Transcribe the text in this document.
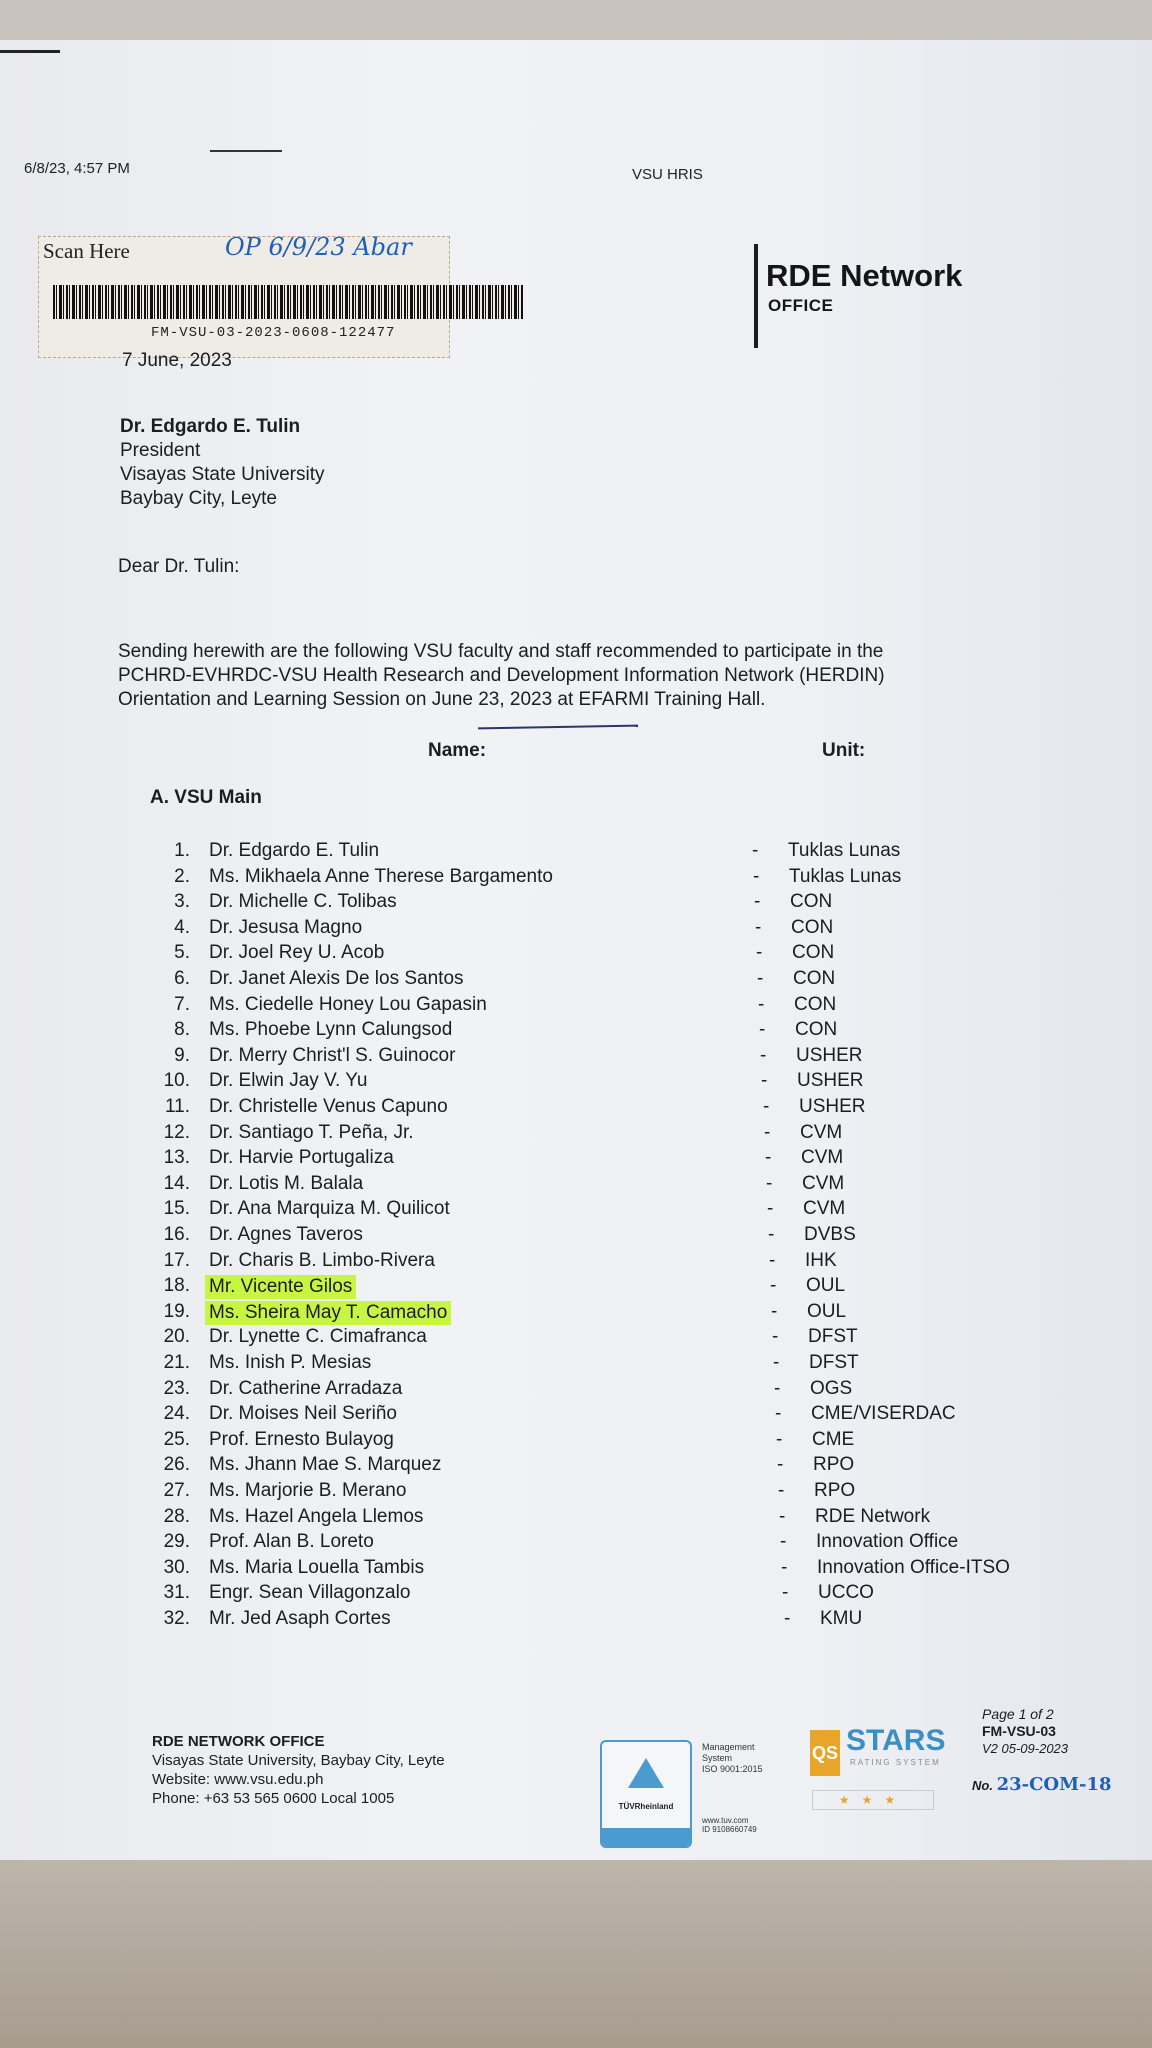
6/8/23, 4:57 PM	VSU HRIS
Scan Here	OP 6/9/23 Abar
FM-VSU-03-2023-0608-122477
RDE Network
OFFICE
7 June, 2023
Dr. Edgardo E. Tulin
President
Visayas State University
Baybay City, Leyte
Dear Dr. Tulin:
Sending herewith are the following VSU faculty and staff recommended to participate in the
PCHRD-EVHRDC-VSU Health Research and Development Information Network (HERDIN)
Orientation and Learning Session on June 23, 2023 at EFARMI Training Hall.
Name:	Unit:
A. VSU Main
1. Dr. Edgardo E. Tulin	- Tuklas Lunas
2. Ms. Mikhaela Anne Therese Bargamento	- Tuklas Lunas
3. Dr. Michelle C. Tolibas	- CON
4. Dr. Jesusa Magno	- CON
5. Dr. Joel Rey U. Acob	- CON
6. Dr. Janet Alexis De los Santos	- CON
7. Ms. Ciedelle Honey Lou Gapasin	- CON
8. Ms. Phoebe Lynn Calungsod	- CON
9. Dr. Merry Christ'l S. Guinocor	- USHER
10. Dr. Elwin Jay V. Yu	- USHER
11. Dr. Christelle Venus Capuno	- USHER
12. Dr. Santiago T. Peña, Jr.	- CVM
13. Dr. Harvie Portugaliza	- CVM
14. Dr. Lotis M. Balala	- CVM
15. Dr. Ana Marquiza M. Quilicot	- CVM
16. Dr. Agnes Taveros	- DVBS
17. Dr. Charis B. Limbo-Rivera	- IHK
18. Mr. Vicente Gilos	- OUL
19. Ms. Sheira May T. Camacho	- OUL
20. Dr. Lynette C. Cimafranca	- DFST
21. Ms. Inish P. Mesias	- DFST
23. Dr. Catherine Arradaza	- OGS
24. Dr. Moises Neil Seriño	- CME/VISERDAC
25. Prof. Ernesto Bulayog	- CME
26. Ms. Jhann Mae S. Marquez	- RPO
27. Ms. Marjorie B. Merano	- RPO
28. Ms. Hazel Angela Llemos	- RDE Network
29. Prof. Alan B. Loreto	- Innovation Office
30. Ms. Maria Louella Tambis	- Innovation Office-ITSO
31. Engr. Sean Villagonzalo	- UCCO
32. Mr. Jed Asaph Cortes	- KMU
RDE NETWORK OFFICE
Visayas State University, Baybay City, Leyte
Website: www.vsu.edu.ph
Phone: +63 53 565 0600 Local 1005	TÜVRheinland
Management
System
ISO 9001:2015
www.tuv.com
ID 9108660749
QS STARS
RATING SYSTEM
★★★
Page 1 of 2
FM-VSU-03
V2 05-09-2023
No. 23-COM-18
